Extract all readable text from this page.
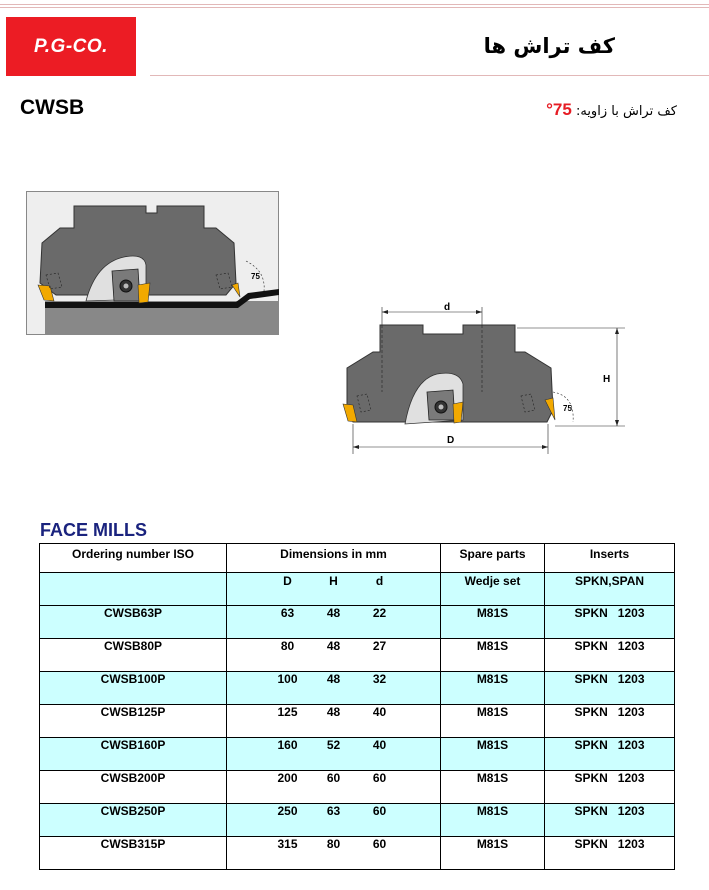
P.G-CO.	کف تراش ها
CWSB	کف تراش با زاویه: 75°
75
d
H
75
D
FACE MILLS
Ordering number ISO	Dimensions in mm	Spare parts	Inserts

	D H d	Wedje set	SPKN,SPAN
CWSB63P	63 48 22	M81S	SPKN   1203
CWSB80P	80 48 27	M81S	SPKN   1203
CWSB100P	100 48 32	M81S	SPKN   1203
CWSB125P	125 48 40	M81S	SPKN   1203
CWSB160P	160 52 40	M81S	SPKN   1203
CWSB200P	200 60 60	M81S	SPKN   1203
CWSB250P	250 63 60	M81S	SPKN   1203
CWSB315P	315 80 60	M81S	SPKN   1203
